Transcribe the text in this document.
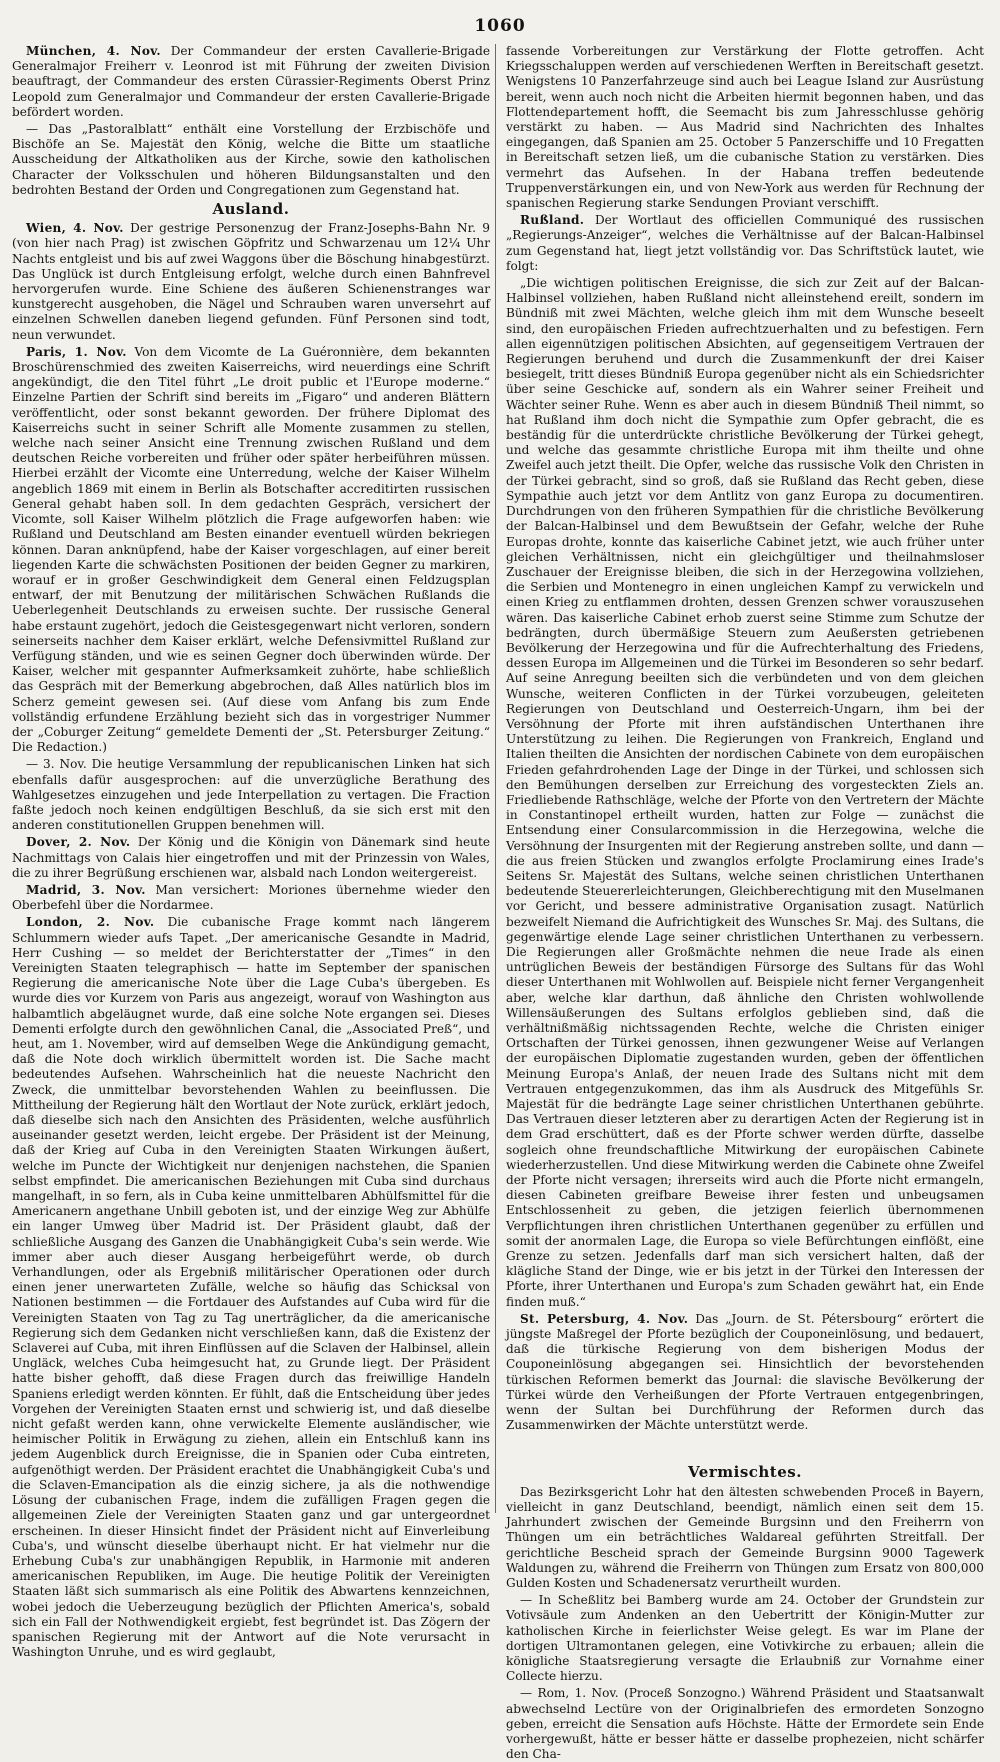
1060

München, 4. Nov. Der Commandeur der ersten Cavallerie-Brigade Generalmajor Freiherr v. Leonrod ist mit Führung der zweiten Division beauftragt, der Commandeur des ersten Cürassier-Regiments Oberst Prinz Leopold zum Generalmajor und Commandeur der ersten Cavallerie-Brigade befördert worden.

— Das „Pastoralblatt“ enthält eine Vorstellung der Erzbischöfe und Bischöfe an Se. Majestät den König, welche die Bitte um staatliche Ausscheidung der Altkatholiken aus der Kirche, sowie den katholischen Character der Volksschulen und höheren Bildungsanstalten und den bedrohten Bestand der Orden und Congregationen zum Gegenstand hat.

Ausland.

Wien, 4. Nov. Der gestrige Personenzug der Franz-Josephs-Bahn Nr. 9 (von hier nach Prag) ist zwischen Göpfritz und Schwarzenau um 12¼ Uhr Nachts entgleist und bis auf zwei Waggons über die Böschung hinabgestürzt. Das Unglück ist durch Entgleisung erfolgt, welche durch einen Bahnfrevel hervorgerufen wurde. Eine Schiene des äußeren Schienenstranges war kunstgerecht ausgehoben, die Nägel und Schrauben waren unversehrt auf einzelnen Schwellen daneben liegend gefunden. Fünf Personen sind todt, neun verwundet.

Paris, 1. Nov. Von dem Vicomte de La Guéronnière, dem bekannten Broschürenschmied des zweiten Kaiserreichs, wird neuerdings eine Schrift angekündigt, die den Titel führt „Le droit public et l'Europe moderne.“ Einzelne Partien der Schrift sind bereits im „Figaro“ und anderen Blättern veröffentlicht, oder sonst bekannt geworden. Der frühere Diplomat des Kaiserreichs sucht in seiner Schrift alle Momente zusammen zu stellen, welche nach seiner Ansicht eine Trennung zwischen Rußland und dem deutschen Reiche vorbereiten und früher oder später herbeiführen müssen. Hierbei erzählt der Vicomte eine Unterredung, welche der Kaiser Wilhelm angeblich 1869 mit einem in Berlin als Botschafter accreditirten russischen General gehabt haben soll. In dem gedachten Gespräch, versichert der Vicomte, soll Kaiser Wilhelm plötzlich die Frage aufgeworfen haben: wie Rußland und Deutschland am Besten einander eventuell würden bekriegen können. Daran anknüpfend, habe der Kaiser vorgeschlagen, auf einer bereit liegenden Karte die schwächsten Positionen der beiden Gegner zu markiren, worauf er in großer Geschwindigkeit dem General einen Feldzugsplan entwarf, der mit Benutzung der militärischen Schwächen Rußlands die Ueberlegenheit Deutschlands zu erweisen suchte. Der russische General habe erstaunt zugehört, jedoch die Geistesgegenwart nicht verloren, sondern seinerseits nachher dem Kaiser erklärt, welche Defensivmittel Rußland zur Verfügung ständen, und wie es seinen Gegner doch überwinden würde. Der Kaiser, welcher mit gespannter Aufmerksamkeit zuhörte, habe schließlich das Gespräch mit der Bemerkung abgebrochen, daß Alles natürlich blos im Scherz gemeint gewesen sei. (Auf diese vom Anfang bis zum Ende vollständig erfundene Erzählung bezieht sich das in vorgestriger Nummer der „Coburger Zeitung“ gemeldete Dementi der „St. Petersburger Zeitung.“ Die Redaction.)

— 3. Nov. Die heutige Versammlung der republicanischen Linken hat sich ebenfalls dafür ausgesprochen: auf die unverzügliche Berathung des Wahlgesetzes einzugehen und jede Interpellation zu vertagen. Die Fraction faßte jedoch noch keinen endgültigen Beschluß, da sie sich erst mit den anderen constitutionellen Gruppen benehmen will.

Dover, 2. Nov. Der König und die Königin von Dänemark sind heute Nachmittags von Calais hier eingetroffen und mit der Prinzessin von Wales, die zu ihrer Begrüßung erschienen war, alsbald nach London weitergereist.

Madrid, 3. Nov. Man versichert: Moriones übernehme wieder den Oberbefehl über die Nordarmee.

London, 2. Nov. Die cubanische Frage kommt nach längerem Schlummern wieder aufs Tapet. „Der americanische Gesandte in Madrid, Herr Cushing — so meldet der Berichterstatter der „Times“ in den Vereinigten Staaten telegraphisch — hatte im September der spanischen Regierung die americanische Note über die Lage Cuba's übergeben. Es wurde dies vor Kurzem von Paris aus angezeigt, worauf von Washington aus halbamtlich abgeläugnet wurde, daß eine solche Note ergangen sei. Dieses Dementi erfolgte durch den gewöhnlichen Canal, die „Associated Preß“, und heut, am 1. November, wird auf demselben Wege die Ankündigung gemacht, daß die Note doch wirklich übermittelt worden ist. Die Sache macht bedeutendes Aufsehen. Wahrscheinlich hat die neueste Nachricht den Zweck, die unmittelbar bevorstehenden Wahlen zu beeinflussen. Die Mittheilung der Regierung hält den Wortlaut der Note zurück, erklärt jedoch, daß dieselbe sich nach den Ansichten des Präsidenten, welche ausführlich auseinander gesetzt werden, leicht ergebe. Der Präsident ist der Meinung, daß der Krieg auf Cuba in den Vereinigten Staaten Wirkungen äußert, welche im Puncte der Wichtigkeit nur denjenigen nachstehen, die Spanien selbst empfindet. Die americanischen Beziehungen mit Cuba sind durchaus mangelhaft, in so fern, als in Cuba keine unmittelbaren Abhülfsmittel für die Americanern angethane Unbill geboten ist, und der einzige Weg zur Abhülfe ein langer Umweg über Madrid ist. Der Präsident glaubt, daß der schließliche Ausgang des Ganzen die Unabhängigkeit Cuba's sein werde. Wie immer aber auch dieser Ausgang herbeigeführt werde, ob durch Verhandlungen, oder als Ergebniß militärischer Operationen oder durch einen jener unerwarteten Zufälle, welche so häufig das Schicksal von Nationen bestimmen — die Fortdauer des Aufstandes auf Cuba wird für die Vereinigten Staaten von Tag zu Tag unerträglicher, da die americanische Regierung sich dem Gedanken nicht verschließen kann, daß die Existenz der Sclaverei auf Cuba, mit ihren Einflüssen auf die Sclaven der Halbinsel, allein Ungläck, welches Cuba heimgesucht hat, zu Grunde liegt. Der Präsident hatte bisher gehofft, daß diese Fragen durch das freiwillige Handeln Spaniens erledigt werden könnten. Er fühlt, daß die Entscheidung über jedes Vorgehen der Vereinigten Staaten ernst und schwierig ist, und daß dieselbe nicht gefaßt werden kann, ohne verwickelte Elemente ausländischer, wie heimischer Politik in Erwägung zu ziehen, allein ein Entschluß kann ins jedem Augenblick durch Ereignisse, die in Spanien oder Cuba eintreten, aufgenöthigt werden. Der Präsident erachtet die Unabhängigkeit Cuba's und die Sclaven-Emancipation als die einzig sichere, ja als die nothwendige Lösung der cubanischen Frage, indem die zufälligen Fragen gegen die allgemeinen Ziele der Vereinigten Staaten ganz und gar untergeordnet erscheinen. In dieser Hinsicht findet der Präsident nicht auf Einverleibung Cuba's, und wünscht dieselbe überhaupt nicht. Er hat vielmehr nur die Erhebung Cuba's zur unabhängigen Republik, in Harmonie mit anderen americanischen Republiken, im Auge. Die heutige Politik der Vereinigten Staaten läßt sich summarisch als eine Politik des Abwartens kennzeichnen, wobei jedoch die Ueberzeugung bezüglich der Pflichten America's, sobald sich ein Fall der Nothwendigkeit ergiebt, fest begründet ist. Das Zögern der spanischen Regierung mit der Antwort auf die Note verursacht in Washington Unruhe, und es wird geglaubt,

fassende Vorbereitungen zur Verstärkung der Flotte getroffen. Acht Kriegsschaluppen werden auf verschiedenen Werften in Bereitschaft gesetzt. Wenigstens 10 Panzerfahrzeuge sind auch bei League Island zur Ausrüstung bereit, wenn auch noch nicht die Arbeiten hiermit begonnen haben, und das Flottendepartement hofft, die Seemacht bis zum Jahresschlusse gehörig verstärkt zu haben. — Aus Madrid sind Nachrichten des Inhaltes eingegangen, daß Spanien am 25. October 5 Panzerschiffe und 10 Fregatten in Bereitschaft setzen ließ, um die cubanische Station zu verstärken. Dies vermehrt das Aufsehen. In der Habana treffen bedeutende Truppenverstärkungen ein, und von New-York aus werden für Rechnung der spanischen Regierung starke Sendungen Proviant verschifft.

Rußland. Der Wortlaut des officiellen Communiqué des russischen „Regierungs-Anzeiger“, welches die Verhältnisse auf der Balcan-Halbinsel zum Gegenstand hat, liegt jetzt vollständig vor. Das Schriftstück lautet, wie folgt:

„Die wichtigen politischen Ereignisse, die sich zur Zeit auf der Balcan-Halbinsel vollziehen, haben Rußland nicht alleinstehend ereilt, sondern im Bündniß mit zwei Mächten, welche gleich ihm mit dem Wunsche beseelt sind, den europäischen Frieden aufrechtzuerhalten und zu befestigen. Fern allen eigennützigen politischen Absichten, auf gegenseitigem Vertrauen der Regierungen beruhend und durch die Zusammenkunft der drei Kaiser besiegelt, tritt dieses Bündniß Europa gegenüber nicht als ein Schiedsrichter über seine Geschicke auf, sondern als ein Wahrer seiner Freiheit und Wächter seiner Ruhe. Wenn es aber auch in diesem Bündniß Theil nimmt, so hat Rußland ihm doch nicht die Sympathie zum Opfer gebracht, die es beständig für die unterdrückte christliche Bevölkerung der Türkei gehegt, und welche das gesammte christliche Europa mit ihm theilte und ohne Zweifel auch jetzt theilt. Die Opfer, welche das russische Volk den Christen in der Türkei gebracht, sind so groß, daß sie Rußland das Recht geben, diese Sympathie auch jetzt vor dem Antlitz von ganz Europa zu documentiren. Durchdrungen von den früheren Sympathien für die christliche Bevölkerung der Balcan-Halbinsel und dem Bewußtsein der Gefahr, welche der Ruhe Europas drohte, konnte das kaiserliche Cabinet jetzt, wie auch früher unter gleichen Verhältnissen, nicht ein gleichgültiger und theilnahmsloser Zuschauer der Ereignisse bleiben, die sich in der Herzegowina vollziehen, die Serbien und Montenegro in einen ungleichen Kampf zu verwickeln und einen Krieg zu entflammen drohten, dessen Grenzen schwer vorauszusehen wären. Das kaiserliche Cabinet erhob zuerst seine Stimme zum Schutze der bedrängten, durch übermäßige Steuern zum Aeußersten getriebenen Bevölkerung der Herzegowina und für die Aufrechterhaltung des Friedens, dessen Europa im Allgemeinen und die Türkei im Besonderen so sehr bedarf. Auf seine Anregung beeilten sich die verbündeten und von dem gleichen Wunsche, weiteren Conflicten in der Türkei vorzubeugen, geleiteten Regierungen von Deutschland und Oesterreich-Ungarn, ihm bei der Versöhnung der Pforte mit ihren aufständischen Unterthanen ihre Unterstützung zu leihen. Die Regierungen von Frankreich, England und Italien theilten die Ansichten der nordischen Cabinete von dem europäischen Frieden gefahrdrohenden Lage der Dinge in der Türkei, und schlossen sich den Bemühungen derselben zur Erreichung des vorgesteckten Ziels an. Friedliebende Rathschläge, welche der Pforte von den Vertretern der Mächte in Constantinopel ertheilt wurden, hatten zur Folge — zunächst die Entsendung einer Consularcommission in die Herzegowina, welche die Versöhnung der Insurgenten mit der Regierung anstreben sollte, und dann — die aus freien Stücken und zwanglos erfolgte Proclamirung eines Irade's Seitens Sr. Majestät des Sultans, welche seinen christlichen Unterthanen bedeutende Steuererleichterungen, Gleichberechtigung mit den Muselmanen vor Gericht, und bessere administrative Organisation zusagt. Natürlich bezweifelt Niemand die Aufrichtigkeit des Wunsches Sr. Maj. des Sultans, die gegenwärtige elende Lage seiner christlichen Unterthanen zu verbessern. Die Regierungen aller Großmächte nehmen die neue Irade als einen untrüglichen Beweis der beständigen Fürsorge des Sultans für das Wohl dieser Unterthanen mit Wohlwollen auf. Beispiele nicht ferner Vergangenheit aber, welche klar darthun, daß ähnliche den Christen wohlwollende Willensäußerungen des Sultans erfolglos geblieben sind, daß die verhältnißmäßig nichtssagenden Rechte, welche die Christen einiger Ortschaften der Türkei genossen, ihnen gezwungener Weise auf Verlangen der europäischen Diplomatie zugestanden wurden, geben der öffentlichen Meinung Europa's Anlaß, der neuen Irade des Sultans nicht mit dem Vertrauen entgegenzukommen, das ihm als Ausdruck des Mitgefühls Sr. Majestät für die bedrängte Lage seiner christlichen Unterthanen gebührte. Das Vertrauen dieser letzteren aber zu derartigen Acten der Regierung ist in dem Grad erschüttert, daß es der Pforte schwer werden dürfte, dasselbe sogleich ohne freundschaftliche Mitwirkung der europäischen Cabinete wiederherzustellen. Und diese Mitwirkung werden die Cabinete ohne Zweifel der Pforte nicht versagen; ihrerseits wird auch die Pforte nicht ermangeln, diesen Cabineten greifbare Beweise ihrer festen und unbeugsamen Entschlossenheit zu geben, die jetzigen feierlich übernommenen Verpflichtungen ihren christlichen Unterthanen gegenüber zu erfüllen und somit der anormalen Lage, die Europa so viele Befürchtungen einflößt, eine Grenze zu setzen. Jedenfalls darf man sich versichert halten, daß der klägliche Stand der Dinge, wie er bis jetzt in der Türkei den Interessen der Pforte, ihrer Unterthanen und Europa's zum Schaden gewährt hat, ein Ende finden muß.“

St. Petersburg, 4. Nov. Das „Journ. de St. Pétersbourg“ erörtert die jüngste Maßregel der Pforte bezüglich der Couponeinlösung, und bedauert, daß die türkische Regierung von dem bisherigen Modus der Couponeinlösung abgegangen sei. Hinsichtlich der bevorstehenden türkischen Reformen bemerkt das Journal: die slavische Bevölkerung der Türkei würde den Verheißungen der Pforte Vertrauen entgegenbringen, wenn der Sultan bei Durchführung der Reformen durch das Zusammenwirken der Mächte unterstützt werde.

Vermischtes.

Das Bezirksgericht Lohr hat den ältesten schwebenden Proceß in Bayern, vielleicht in ganz Deutschland, beendigt, nämlich einen seit dem 15. Jahrhundert zwischen der Gemeinde Burgsinn und den Freiherrn von Thüngen um ein beträchtliches Waldareal geführten Streitfall. Der gerichtliche Bescheid sprach der Gemeinde Burgsinn 9000 Tagewerk Waldungen zu, während die Freiherrn von Thüngen zum Ersatz von 800,000 Gulden Kosten und Schadenersatz verurtheilt wurden.

— In Scheßlitz bei Bamberg wurde am 24. October der Grundstein zur Votivsäule zum Andenken an den Uebertritt der Königin-Mutter zur katholischen Kirche in feierlichster Weise gelegt. Es war im Plane der dortigen Ultramontanen gelegen, eine Votivkirche zu erbauen; allein die königliche Staatsregierung versagte die Erlaubniß zur Vornahme einer Collecte hierzu.

— Rom, 1. Nov. (Proceß Sonzogno.) Während Präsident und Staatsanwalt abwechselnd Lectüre von der Originalbriefen des ermordeten Sonzogno geben, erreicht die Sensation aufs Höchste. Hätte der Ermordete sein Ende vorhergewußt, hätte er besser hätte er dasselbe prophezeien, nicht schärfer den Cha-
